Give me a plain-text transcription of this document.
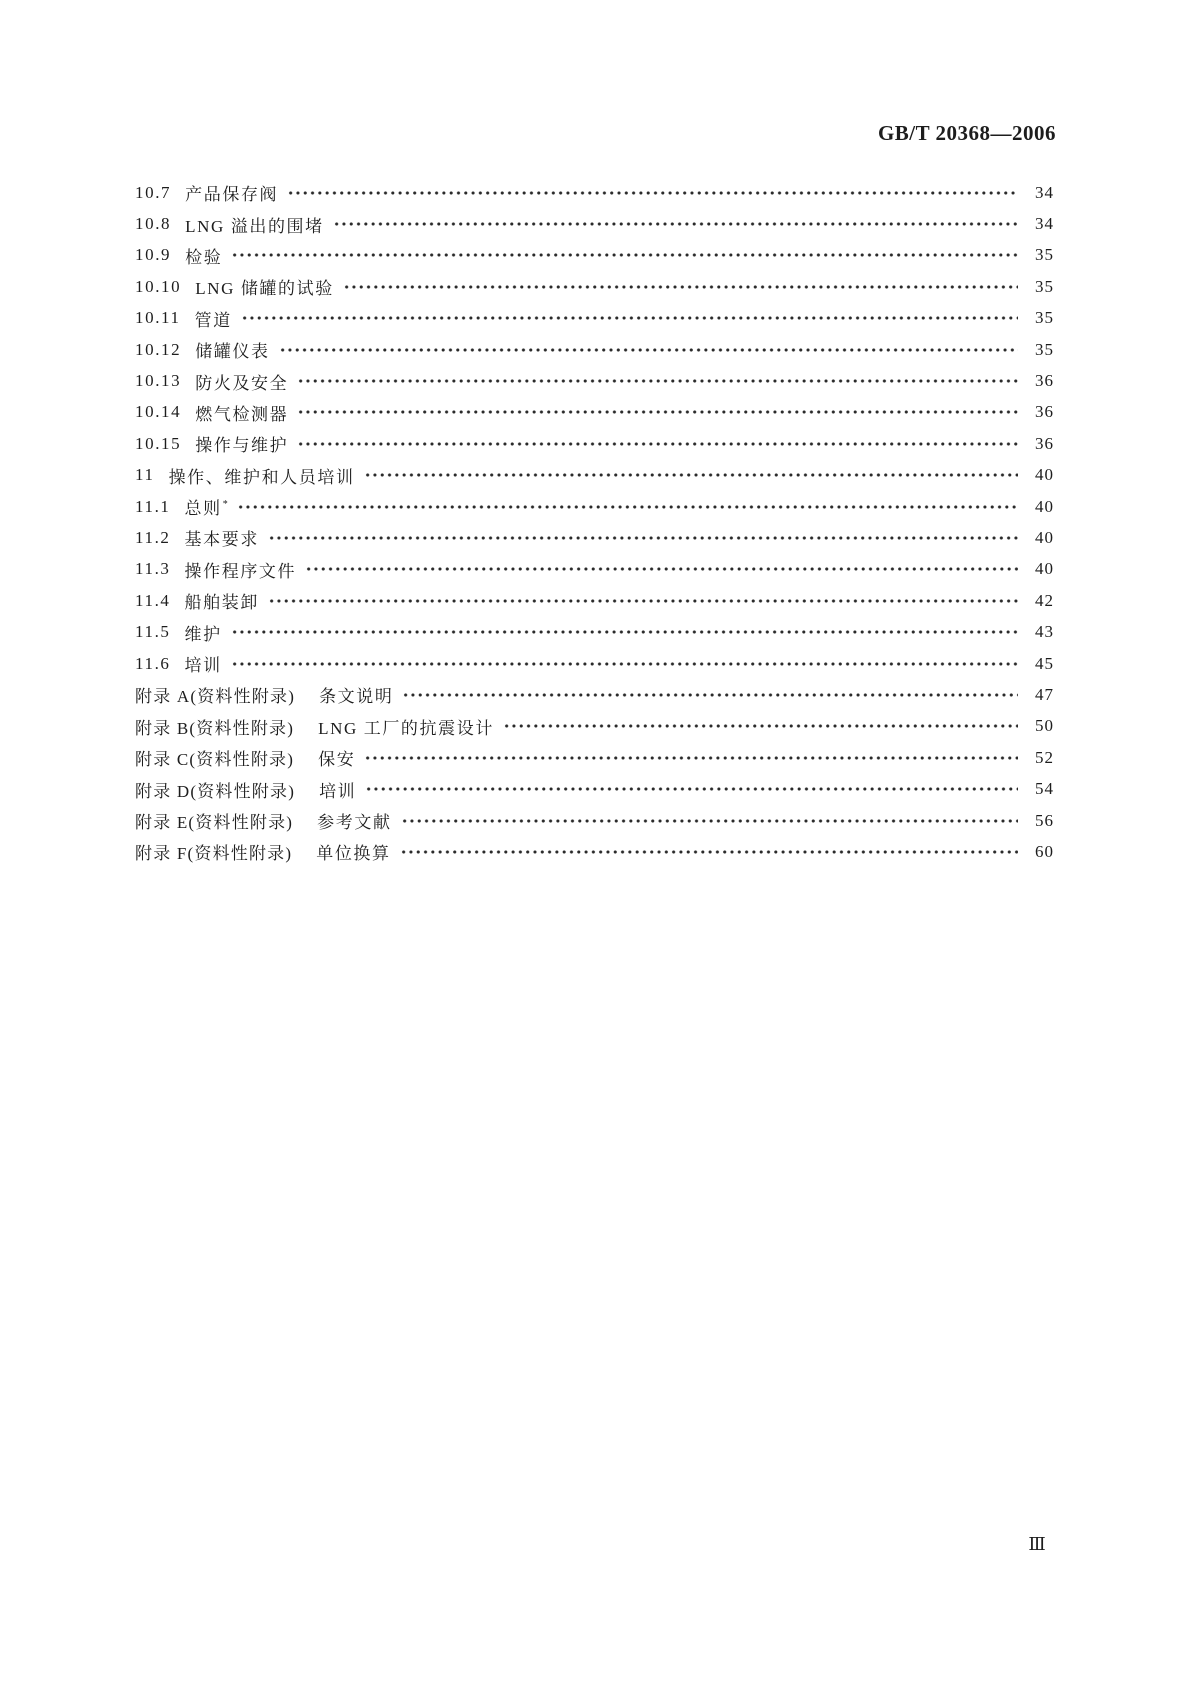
GB/T 20368—2006
10.7 产品保存阀	34
10.8 LNG 溢出的围堵	34
10.9 检验	35
10.10 LNG 储罐的试验	35
10.11 管道	35
10.12 储罐仪表	35
10.13 防火及安全	36
10.14 燃气检测器	36
10.15 操作与维护	36
11 操作、维护和人员培训	40
11.1 总则*	40
11.2 基本要求	40
11.3 操作程序文件	40
11.4 船舶装卸	42
11.5 维护	43
11.6 培训	45
附录 A(资料性附录) 条文说明	47
附录 B(资料性附录) LNG 工厂的抗震设计	50
附录 C(资料性附录) 保安	52
附录 D(资料性附录) 培训	54
附录 E(资料性附录) 参考文献	56
附录 F(资料性附录) 单位换算	60
Ⅲ
